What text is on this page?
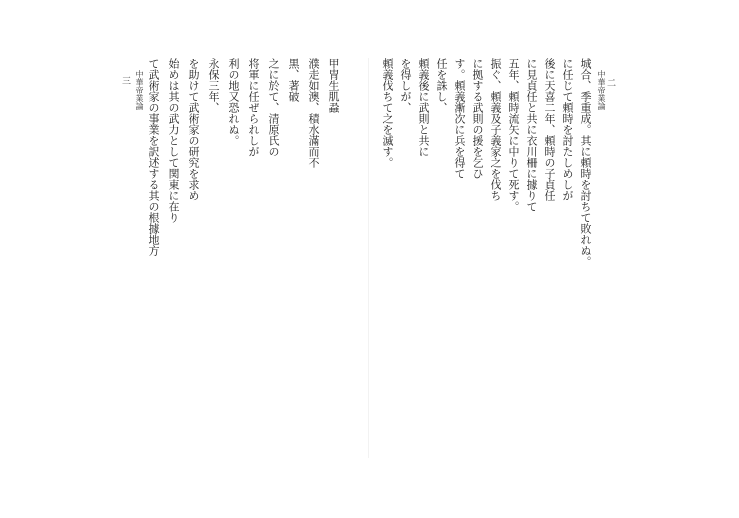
三 中華帝業論 て武術家の事業を訳述する其の根據地方 始めは其の武力として関東に在り を助けて武術家の研究を求め 永保三年、 利の地又恐れぬ。 将軍に任ぜられしが 之に於て、清原氏の 黒、著破 濮走如澳、積水滿而不 甲冑生肌蝨	頼義伐ちて之を滅す。 を得しが、 頼義後に武則と共に 任を誅し、 す。頼義漸次に兵を得て に拠する武則の援を乞ひ 振ぐ、頼義及子義家之を伐ち 五年、頼時流矢に中りて死す。 に見貞任と共に衣川柵に據りて 後に天喜二年、頼時の子貞任 に任じて頼時を討たしめしが 城合、季重成。其に頼時を討ちて敗れぬ。 中華帝業論 二
